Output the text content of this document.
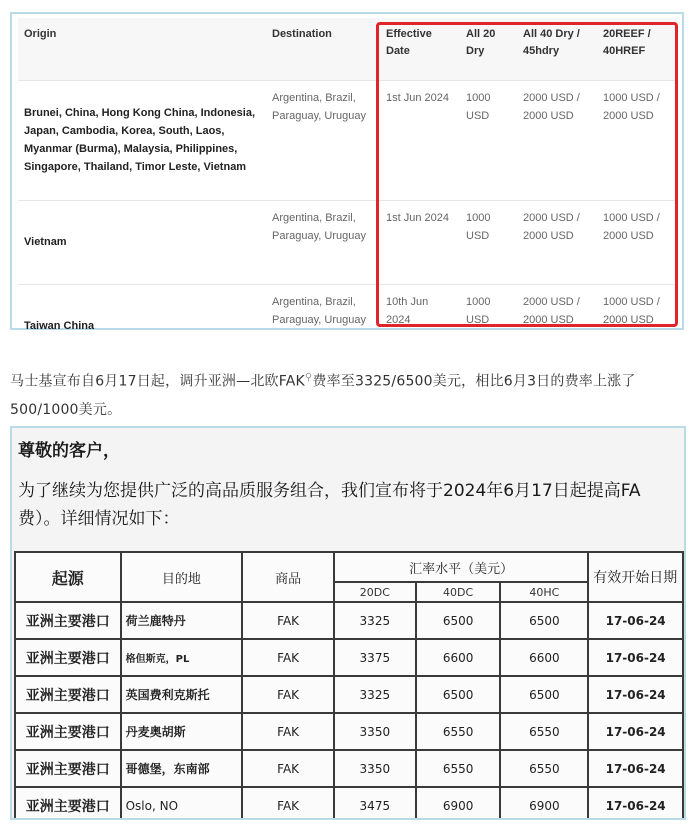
Origin	Destination	Effective Date	All 20 Dry	All 40 Dry / 45hdry	20REEF / 40HREF
Brunei, China, Hong Kong China, Indonesia, Japan, Cambodia, Korea, South, Laos, Myanmar (Burma), Malaysia, Philippines, Singapore, Thailand, Timor Leste, Vietnam	Argentina, Brazil, Paraguay, Uruguay	1st Jun 2024	1000 USD	2000 USD / 2000 USD	1000 USD / 2000 USD
Vietnam	Argentina, Brazil, Paraguay, Uruguay	1st Jun 2024	1000 USD	2000 USD / 2000 USD	1000 USD / 2000 USD
Taiwan China	Argentina, Brazil, Paraguay, Uruguay	10th Jun 2024	1000 USD	2000 USD / 2000 USD	1000 USD / 2000 USD

马士基宣布自6月17日起，调升亚洲—北欧FAK⚲费率至3325/6500美元，相比6月3日的费率上涨了500/1000美元。

尊敬的客户，
为了继续为您提供广泛的高品质服务组合，我们宣布将于2024年6月17日起提高FA
费）。详细情况如下：
起源	目的地	商品	汇率水平（美元）			有效开始日期
			20DC	40DC	40HC	
亚洲主要港口	荷兰鹿特丹	FAK	3325	6500	6500	17-06-24
亚洲主要港口	格但斯克，PL	FAK	3375	6600	6600	17-06-24
亚洲主要港口	英国费利克斯托	FAK	3325	6500	6500	17-06-24
亚洲主要港口	丹麦奥胡斯	FAK	3350	6550	6550	17-06-24
亚洲主要港口	哥德堡，东南部	FAK	3350	6550	6550	17-06-24
亚洲主要港口	Oslo, NO	FAK	3475	6900	6900	17-06-24
